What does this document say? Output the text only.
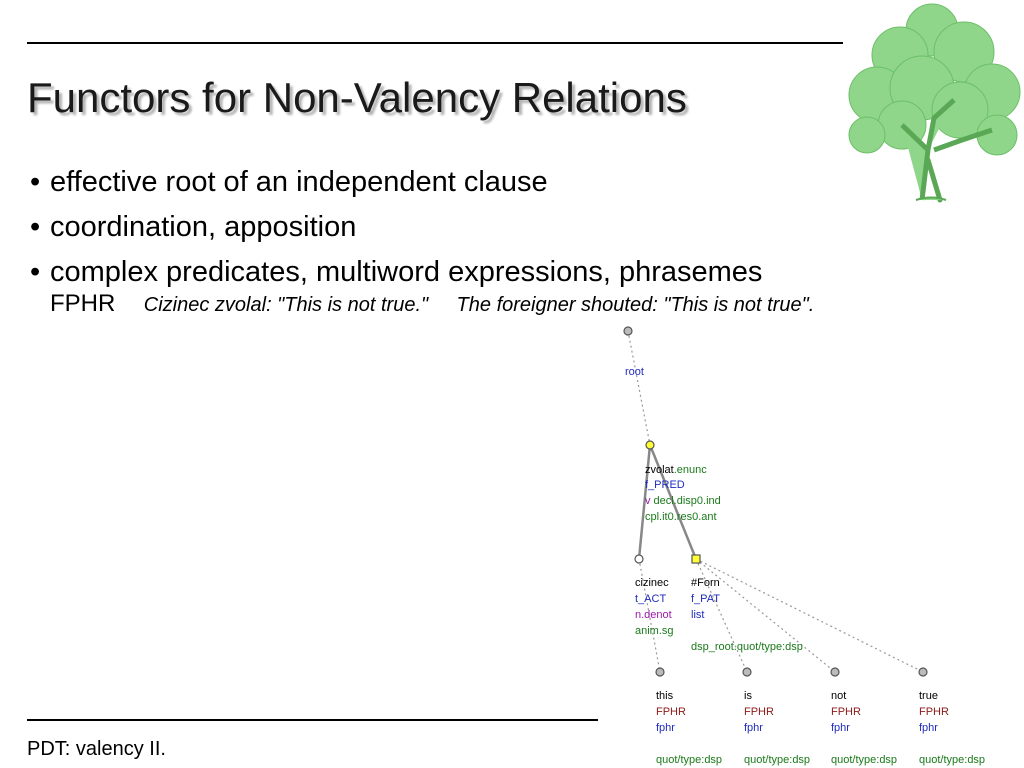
Functors for Non-Valency Relations
• effective root of an independent clause
• coordination, apposition
• complex predicates, multiword expressions, phrasemes
FPHR Cizinec zvolal: "This is not true." The foreigner shouted: "This is not true".
root
zvolat.enunc
f_PRED
v decl.disp0.ind
cpl.it0.res0.ant
cizinec
t_ACT
n.denot
anim.sg
#Forn
f_PAT
list
dsp_root.quot/type:dsp
this
FPHR
fphr
quot/type:dsp
is
FPHR
fphr
quot/type:dsp
not
FPHR
fphr
quot/type:dsp
true
FPHR
fphr
quot/type:dsp
PDT: valency II.
